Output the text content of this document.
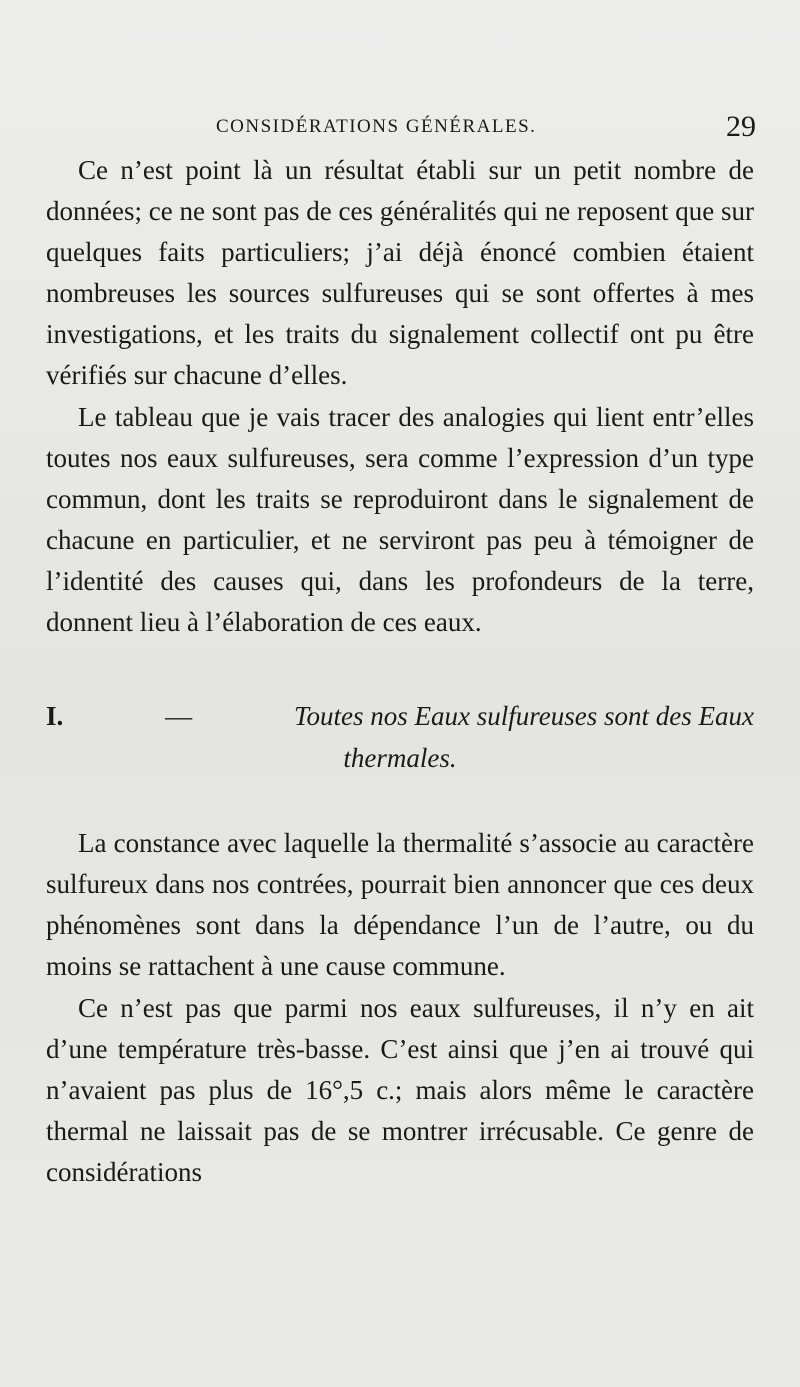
CONSIDÉRATIONS GÉNÉRALES.	29

Ce n’est point là un résultat établi sur un petit nombre de données; ce ne sont pas de ces généralités qui ne reposent que sur quelques faits particuliers; j’ai déjà énoncé combien étaient nombreuses les sources sulfureuses qui se sont offertes à mes investigations, et les traits du signalement collectif ont pu être vérifiés sur chacune d’elles.

Le tableau que je vais tracer des analogies qui lient entr’elles toutes nos eaux sulfureuses, sera comme l’expression d’un type commun, dont les traits se reproduiront dans le signalement de chacune en particulier, et ne serviront pas peu à témoigner de l’identité des causes qui, dans les profondeurs de la terre, donnent lieu à l’élaboration de ces eaux.

I.	—	Toutes nos Eaux sulfureuses sont des Eaux
thermales.

La constance avec laquelle la thermalité s’associe au caractère sulfureux dans nos contrées, pourrait bien annoncer que ces deux phénomènes sont dans la dépendance l’un de l’autre, ou du moins se rattachent à une cause commune.

Ce n’est pas que parmi nos eaux sulfureuses, il n’y en ait d’une température très-basse. C’est ainsi que j’en ai trouvé qui n’avaient pas plus de 16°,5 c.; mais alors même le caractère thermal ne laissait pas de se montrer irrécusable. Ce genre de considérations
